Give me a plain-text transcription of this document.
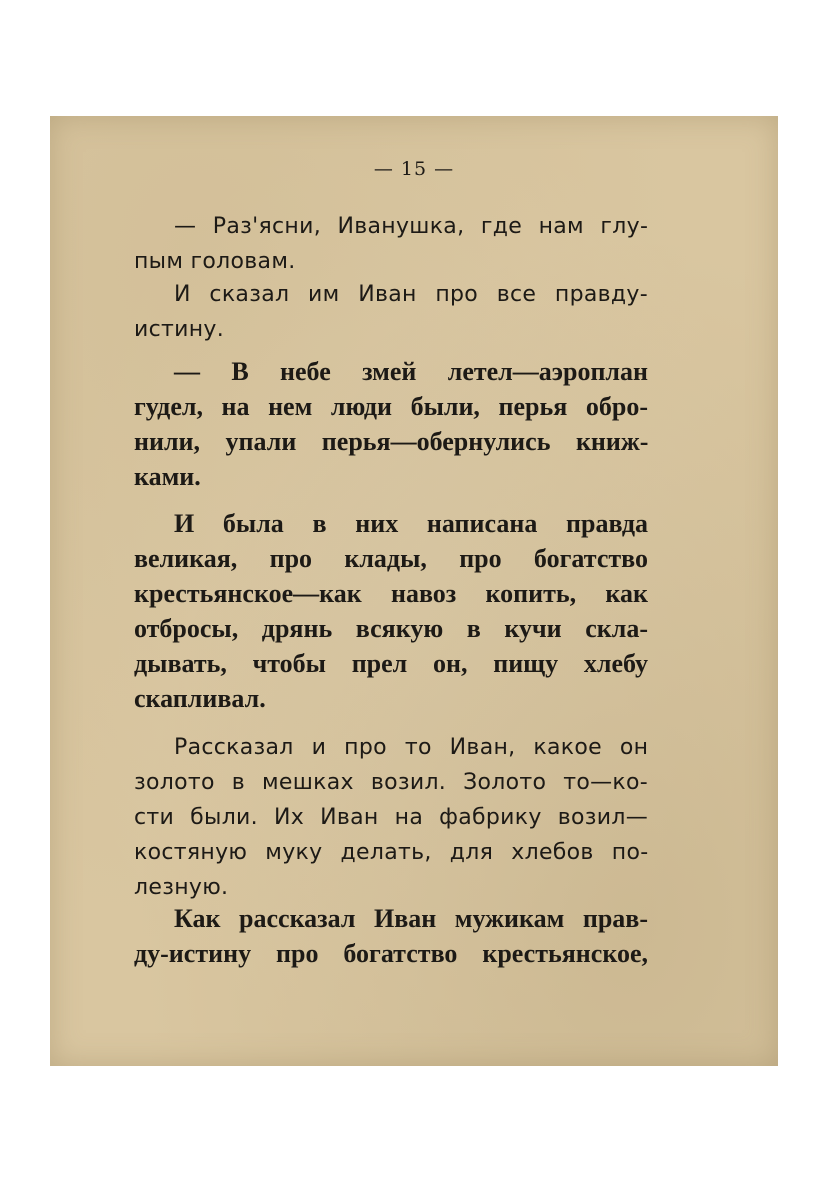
— 15 —
— Раз'ясни, Иванушка, где нам глу-
пым головам.
И сказал им Иван про все правду-
истину.
— В небе змей летел—аэроплан
гудел, на нем люди были, перья обро-
нили, упали перья—обернулись книж-
ками.
И была в них написана правда
великая, про клады, про богатство
крестьянское—как навоз копить, как
отбросы, дрянь всякую в кучи скла-
дывать, чтобы прел он, пищу хлебу
скапливал.
Рассказал и про то Иван, какое он
золото в мешках возил. Золото то—ко-
сти были. Их Иван на фабрику возил—
костяную муку делать, для хлебов по-
лезную.
Как рассказал Иван мужикам прав-
ду-истину про богатство крестьянское,
